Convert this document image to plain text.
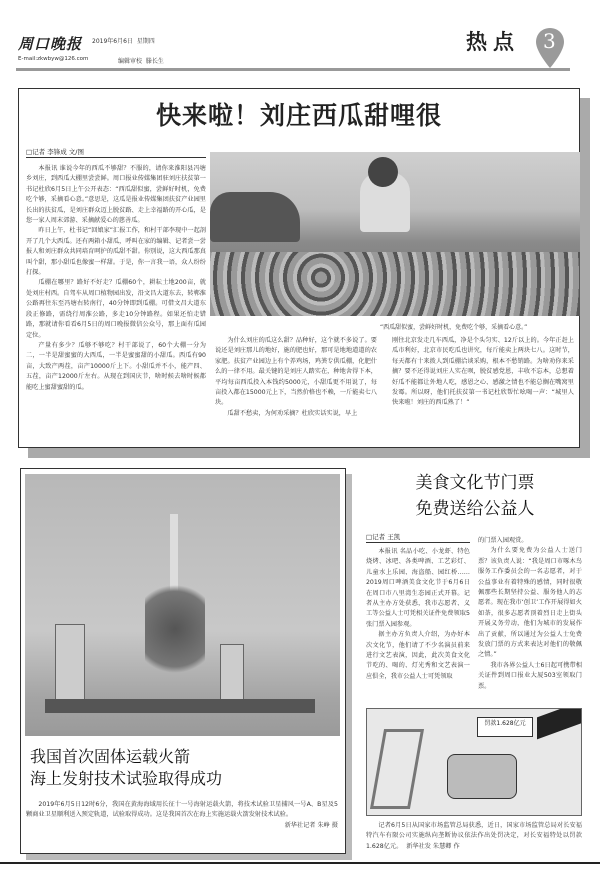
周口晚报 2019年6月6日 星期四
E-mail:zkwbyw@126.com	编辑审校 滕长生
热点 3
快来啦！刘庄西瓜甜哩很
□记者 李锋成 文/图

本报讯 谁说今年的西瓜不够甜？不服的，请你来淮阳县冯塘乡刘庄，到西瓜大棚里尝尝鲜。周口报业传媒集团驻刘庄扶贫第一书记杜欣6月5日上午公开表态：“西瓜甜似蜜，尝鲜好时机，免费吃个够，采摘看心意。”意思是，这瓜是报业传媒集团扶贫产业园里长出的扶贫瓜，是刘庄群众迈上脱贫路、走上幸福路的开心瓜，是您一家人周末郊游、采摘献爱心的慈善瓜。

昨日上午，杜书记“回娘家”汇报工作，和村干部李现中一起剖开了几个大西瓜。还有两箱小甜瓜，呼叫在家的编辑、记者尝一尝报人和刘庄群众共同培育呵护的瓜甜不甜。你别说，这大西瓜那真叫个甜，那小甜瓜也像蜜一样甜。于是，你一言我一语，众人纷纷打探。

瓜棚在哪里？路好不好走？瓜棚60个，耕耘土地200亩，就处刘庄村西。自驾车从周口植物园出发，沿文昌大道东去，转郸淮公路再往东至冯塘右转南行，40分钟即到瓜棚。可借文昌大道东段正修路，需绕行周淮公路，多走10分钟路程。如果还怕走错路，那就请你看看6月5日的周口晚报微信公众号，那上面有瓜园定位。

产量有多少？瓜够不够吃？村干部说了，60个大棚一分为二，一半是甜蜜蜜的大西瓜，一半是蜜蜜甜的小甜瓜。西瓜有90亩，大致产两茬，亩产10000斤上下。小甜瓜并不小，能产四、五茬，亩产12000斤左右。从现在到国庆节，啥时候去啥时候都能吃上蜜甜蜜甜的瓜。

“西瓜甜似蜜，尝鲜好时机，免费吃个够，采摘看心意。”

为什么刘庄的瓜这么甜？品种好，这个就不多说了。要说还是刘庄那儿的地好，施的肥也好，那可是地地道道的农家肥。扶贫产业园边上有个养鸡场，鸡粪专供瓜棚，化肥什么的一律不用。最关键的是刘庄人踏实在，种地舍得下本，平均每亩西瓜投入本钱约5000元，小甜瓜更不用说了，每亩投入都在15000元上下，当然价格也不赖，一斤能卖七八块。

瓜甜不愁卖，为何劝采摘？杜欣实话实说，早上

刚往北京发走几车西瓜，净是个头匀实、12斤以上的。今年正赶上瓜市利好，北京市民吃瓜也讲究，每斤能卖上两块七八。这时节，每天都有十来拨人到瓜棚洽谈采购，根本不愁销路。为啥劝你来采摘？要不还得说刘庄人实在呗，脱贫感党恩，丰收不忘本，总想着好瓜不能都让外地人吃，感恩之心、感激之情也不能总搁在嘴窝里发霉。所以呀，他们托扶贫第一书记杜欣帮忙吆喝一声：“城里人快来啦！刘庄的西瓜熟了！”

我国首次固体运载火箭
海上发射技术试验取得成功

2019年6月5日12时6分，我国在黄海海域用长征十一号海射运载火箭，将技术试验卫星捕风一号A、B星及5颗商业卫星顺利送入预定轨道，试验取得成功。这是我国首次在海上实施运载火箭发射技术试验。

新华社记者 朱峥 摄
美食文化节门票
免费送给公益人
□记者 王凯

本报讯 名品小吃、小龙虾、特色烧烤、冰吧、各类啤酒、工艺彩灯、儿童水上乐园、海盗船、园红桥……2019周口啤酒美食文化节于6月6日在周口市八里湾生态园正式开幕。记者从主办方处获悉，我市志愿者、义工等公益人士可凭相关证件免费领取5张门票入园参观。

据主办方负责人介绍，为办好本次文化节，他们请了不少名演员前来进行文艺表演，因此，此次美食文化节吃的、喝的、灯光秀和文艺表演一应俱全，我市公益人士可凭领取

的门票入园观赏。

为什么要免费为公益人士送门票？该负责人说：“我是周口市啄木鸟服务工作委员会的一名志愿者，对于公益事业有着特殊的感情，同时很敬佩那些长期坚持公益、服务他人的志愿者。现在我市‘创卫’工作开展得如火如荼，很多志愿者顶着烈日走上街头开展义务劳动，他们为城市的发展作出了贡献，所以通过为公益人士免费发放门票的方式来表达对他们的敬佩之情。”

我市各界公益人士6日起可携带相关证件到周口报业大厦503室领取门票。

罚款1.628亿元

记者6月5日从国家市场监管总局获悉，近日，国家市场监管总局对长安福特汽车有限公司实施纵向垄断协议依法作出处罚决定，对长安福特处以罚款1.628亿元。 新华社发 朱慧卿 作
